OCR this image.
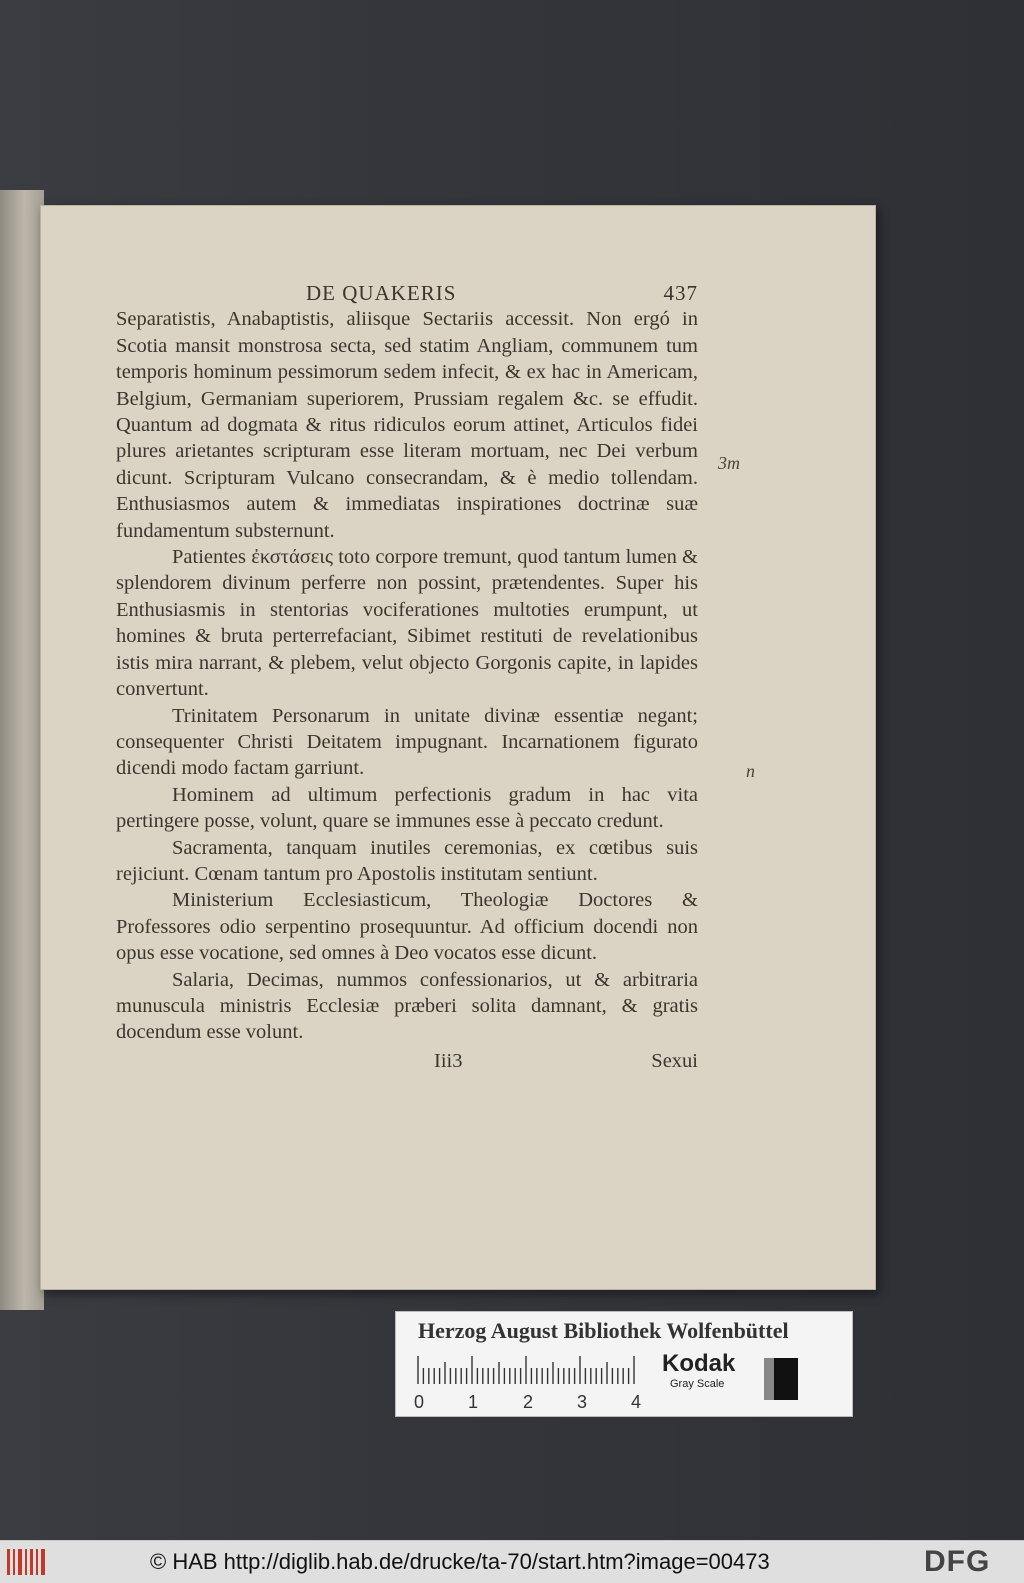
DE QUAKERIS	437

Separatistis, Anabaptistis, aliisque Sectariis accessit. Non ergó in Scotia mansit monstrosa secta, sed statim Angliam, communem tum temporis hominum pessimorum sedem infecit, & ex hac in Americam, Belgium, Germaniam superiorem, Prussiam regalem &c. se effudit. Quantum ad dogmata & ritus ridiculos eorum attinet, Articulos fidei plures arietantes scripturam esse literam mortuam, nec Dei verbum dicunt. Scripturam Vulcano consecrandam, & è medio tollendam. Enthusiasmos autem & immediatas inspirationes doctrinæ suæ fundamentum substernunt.

Patientes ἐκστάσεις toto corpore tremunt, quod tantum lumen & splendorem divinum perferre non possint, prætendentes. Super his Enthusiasmis in stentorias vociferationes multoties erumpunt, ut homines & bruta perterrefaciant, Sibimet restituti de revelationibus istis mira narrant, & plebem, velut objecto Gorgonis capite, in lapides convertunt.

Trinitatem Personarum in unitate divinæ essentiæ negant; consequenter Christi Deitatem impugnant. Incarnationem figurato dicendi modo factam garriunt.

Hominem ad ultimum perfectionis gradum in hac vita pertingere posse, volunt, quare se immunes esse à peccato credunt.

Sacramenta, tanquam inutiles ceremonias, ex cœtibus suis rejiciunt. Cœnam tantum pro Apostolis institutam sentiunt.

Ministerium Ecclesiasticum, Theologiæ Doctores & Professores odio serpentino prosequuntur. Ad officium docendi non opus esse vocatione, sed omnes à Deo vocatos esse dicunt.

Salaria, Decimas, nummos confessionarios, ut & arbitraria munuscula ministris Ecclesiæ præberi solita damnant, & gratis docendum esse volunt.

Iii3	Sexui
3m
n
Herzog August Bibliothek Wolfenbüttel
0 1 2 3 4
Kodak
Gray Scale
© HAB http://diglib.hab.de/drucke/ta-70/start.htm?image=00473	DFG
